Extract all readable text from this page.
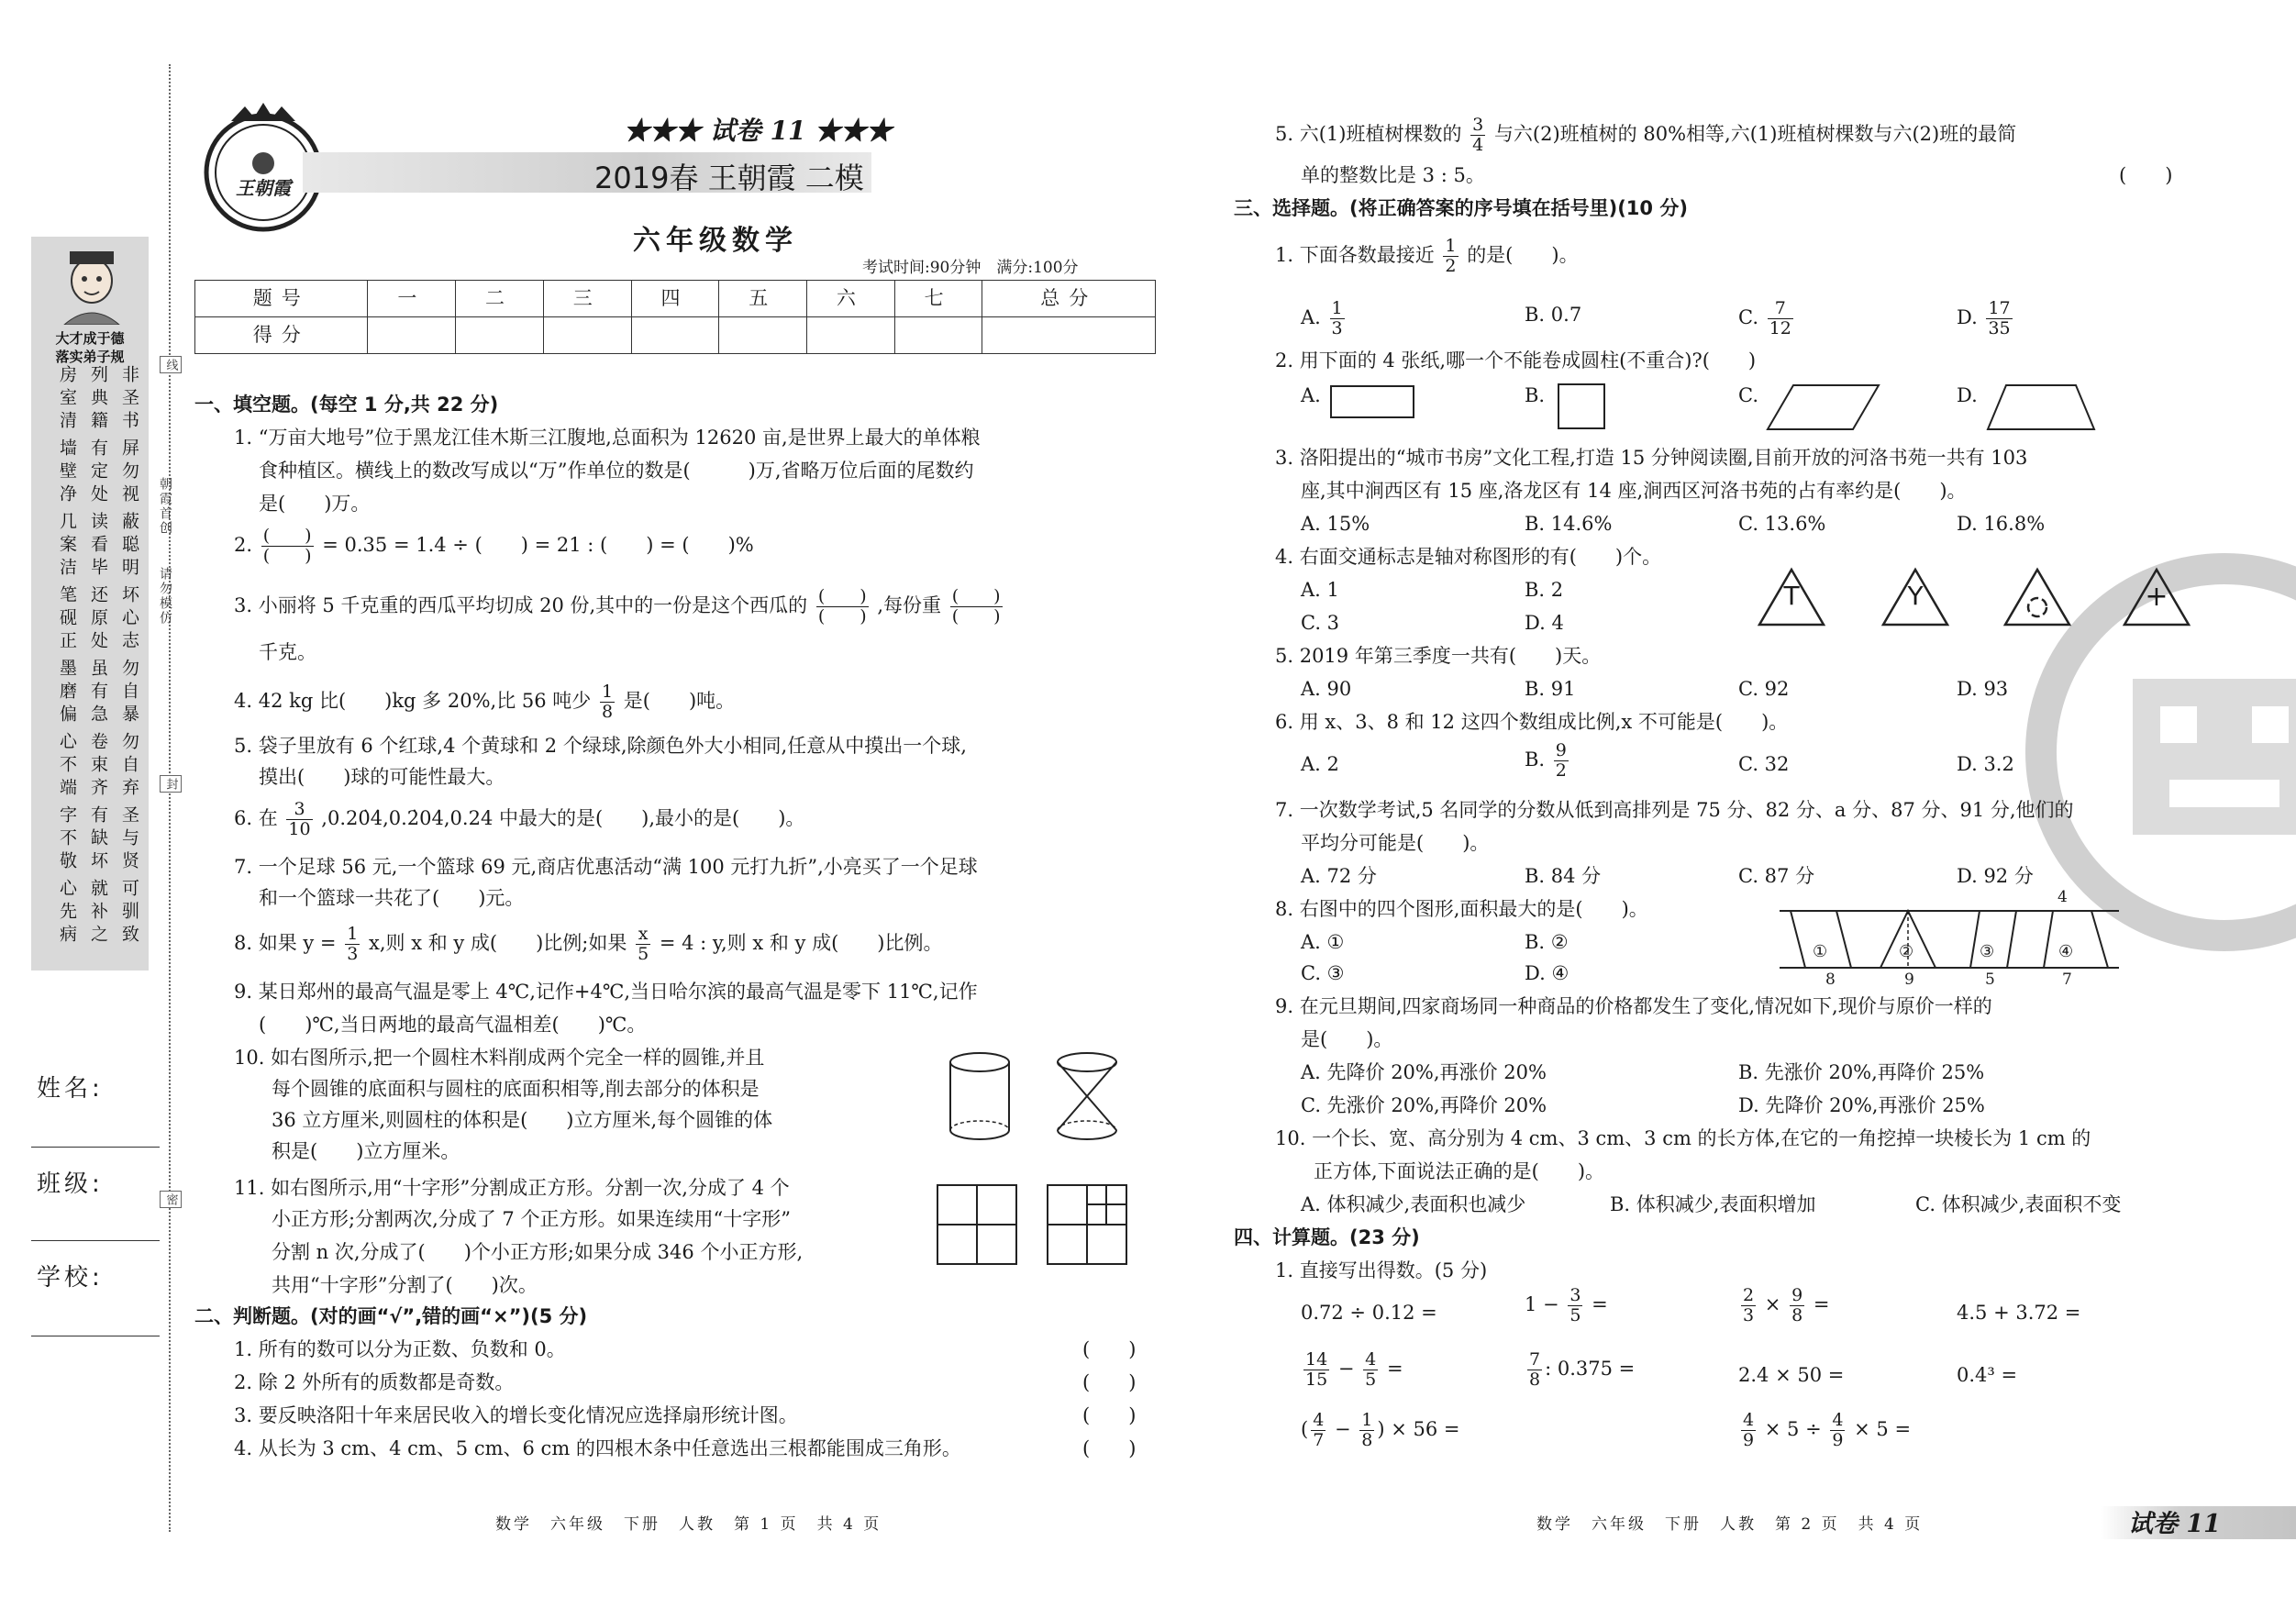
大才成于德
落实弟子规
非圣书
屏勿视
蔽聪明
坏心志
勿自暴
勿自弃
圣与贤
可驯致
列典籍
有定处
读看毕
还原处
虽有急
卷束齐
有缺坏
就补之
房室清
墙壁净
几案洁
笔砚正
墨磨偏
心不端
字不敬
心先病
姓名:
班级:
学校:
线
朝霞首创
请勿模仿
封
密
王朝霞
★★★ 试卷 11 ★★★
2019春 王朝霞 二模
六年级数学
考试时间:90分钟　满分:100分
题号	一	二	三	四	五	六	七	总分
得分								
一、填空题。(每空 1 分,共 22 分)
1. “万亩大地号”位于黑龙江佳木斯三江腹地,总面积为 12620 亩,是世界上最大的单体粮
食种植区。横线上的数改写成以“万”作单位的数是(　　　)万,省略万位后面的尾数约
是(　　)万。
2. $\frac{( )}{( )} = 0.35 = 1.4$ ÷ (　　) = 21 : (　　) = (　　)%
3. 小丽将 5 千克重的西瓜平均切成 20 份,其中的一份是这个西瓜的 $\frac{( )}{( )}$ ,每份重 $\frac{( )}{( )}$
千克。
4. 42 kg 比(　　)kg 多 20%,比 56 吨少 $\frac{1}{8}$ 是(　　)吨。
5. 袋子里放有 6 个红球,4 个黄球和 2 个绿球,除颜色外大小相同,任意从中摸出一个球,
摸出(　　)球的可能性最大。
6. 在 $\frac{3}{10}$ ,0.20̇4̇,0.2̇04̇,0.24 中最大的是(　　),最小的是(　　)。
7. 一个足球 56 元,一个篮球 69 元,商店优惠活动“满 100 元打九折”,小亮买了一个足球
和一个篮球一共花了(　　)元。
8. 如果 $y = \frac{1}{3} x$,则 x 和 y 成(　　)比例;如果 $\frac{x}{5} = 4$ : y,则 x 和 y 成(　　)比例。
9. 某日郑州的最高气温是零上 4℃,记作+4℃,当日哈尔滨的最高气温是零下 11℃,记作
(　　)℃,当日两地的最高气温相差(　　)℃。
10. 如右图所示,把一个圆柱木料削成两个完全一样的圆锥,并且
每个圆锥的底面积与圆柱的底面积相等,削去部分的体积是
36 立方厘米,则圆柱的体积是(　　)立方厘米,每个圆锥的体
积是(　　)立方厘米。
11. 如右图所示,用“十字形”分割成正方形。分割一次,分成了 4 个
小正方形;分割两次,分成了 7 个正方形。如果连续用“十字形”
分割 n 次,分成了(　　)个小正方形;如果分成 346 个小正方形,
共用“十字形”分割了(　　)次。
二、判断题。(对的画“√”,错的画“×”)(5 分)
1. 所有的数可以分为正数、负数和 0。	(　　)
2. 除 2 外所有的质数都是奇数。	(　　)
3. 要反映洛阳十年来居民收入的增长变化情况应选择扇形统计图。	(　　)
4. 从长为 3 cm、4 cm、5 cm、6 cm 的四根木条中任意选出三根都能围成三角形。	(　　)
数学　六年级　下册　人教　第 1 页　共 4 页
5. 六(1)班植树棵数的 $\frac{3}{4}$ 与六(2)班植树的 80%相等,六(1)班植树棵数与六(2)班的最简
单的整数比是 3 : 5。	(　　)
三、选择题。(将正确答案的序号填在括号里)(10 分)
1. 下面各数最接近 $\frac{1}{2}$ 的是(　　)。
A. $\frac{1}{3}$	B. 0.7	C. $\frac{7}{12}$	D. $\frac{17}{35}$
2. 用下面的 4 张纸,哪一个不能卷成圆柱(不重合)?(　　)
A.	B.	C.	D.
3. 洛阳提出的“城市书房”文化工程,打造 15 分钟阅读圈,目前开放的河洛书苑一共有 103
座,其中涧西区有 15 座,洛龙区有 14 座,涧西区河洛书苑的占有率约是(　　)。
A. 15%	B. 14.6%	C. 13.6%	D. 16.8%
4. 右面交通标志是轴对称图形的有(　　)个。
A. 1	B. 2
C. 3	D. 4
T	Y	+
5. 2019 年第三季度一共有(　　)天。
A. 90	B. 91	C. 92	D. 93
6. 用 x、3、8 和 12 这四个数组成比例,x 不可能是(　　)。
A. 2	B. $\frac{9}{2}$	C. 32	D. 3.2
7. 一次数学考试,5 名同学的分数从低到高排列是 75 分、82 分、a 分、87 分、91 分,他们的
平均分可能是(　　)。
A. 72 分	B. 84 分	C. 87 分	D. 92 分
8. 右图中的四个图形,面积最大的是(　　)。
A. ①	B. ②
C. ③	D. ④
4
①	②	③	④
8	9	5	7
9. 在元旦期间,四家商场同一种商品的价格都发生了变化,情况如下,现价与原价一样的
是(　　)。
A. 先降价 20%,再涨价 20%	B. 先涨价 20%,再降价 25%
C. 先涨价 20%,再降价 20%	D. 先降价 20%,再涨价 25%
10. 一个长、宽、高分别为 4 cm、3 cm、3 cm 的长方体,在它的一角挖掉一块棱长为 1 cm 的
正方体,下面说法正确的是(　　)。
A. 体积减少,表面积也减少	B. 体积减少,表面积增加	C. 体积减少,表面积不变
四、计算题。(23 分)
1. 直接写出得数。(5 分)
0.72 ÷ 0.12 =	$1 - \frac{3}{5}$ =	$\frac{2}{3} \times \frac{9}{8}$ =	4.5 + 3.72 =
$\frac{14}{15} - \frac{4}{5}$ =	$\frac{7}{8}$ : 0.375 =	2.4 × 50 =	0.4³ =
( $\frac{4}{7} - \frac{1}{8}$ ) × 56 =	$\frac{4}{9} \times 5 \div \frac{4}{9} \times 5$ =
数学　六年级　下册　人教　第 2 页　共 4 页	试卷 11
